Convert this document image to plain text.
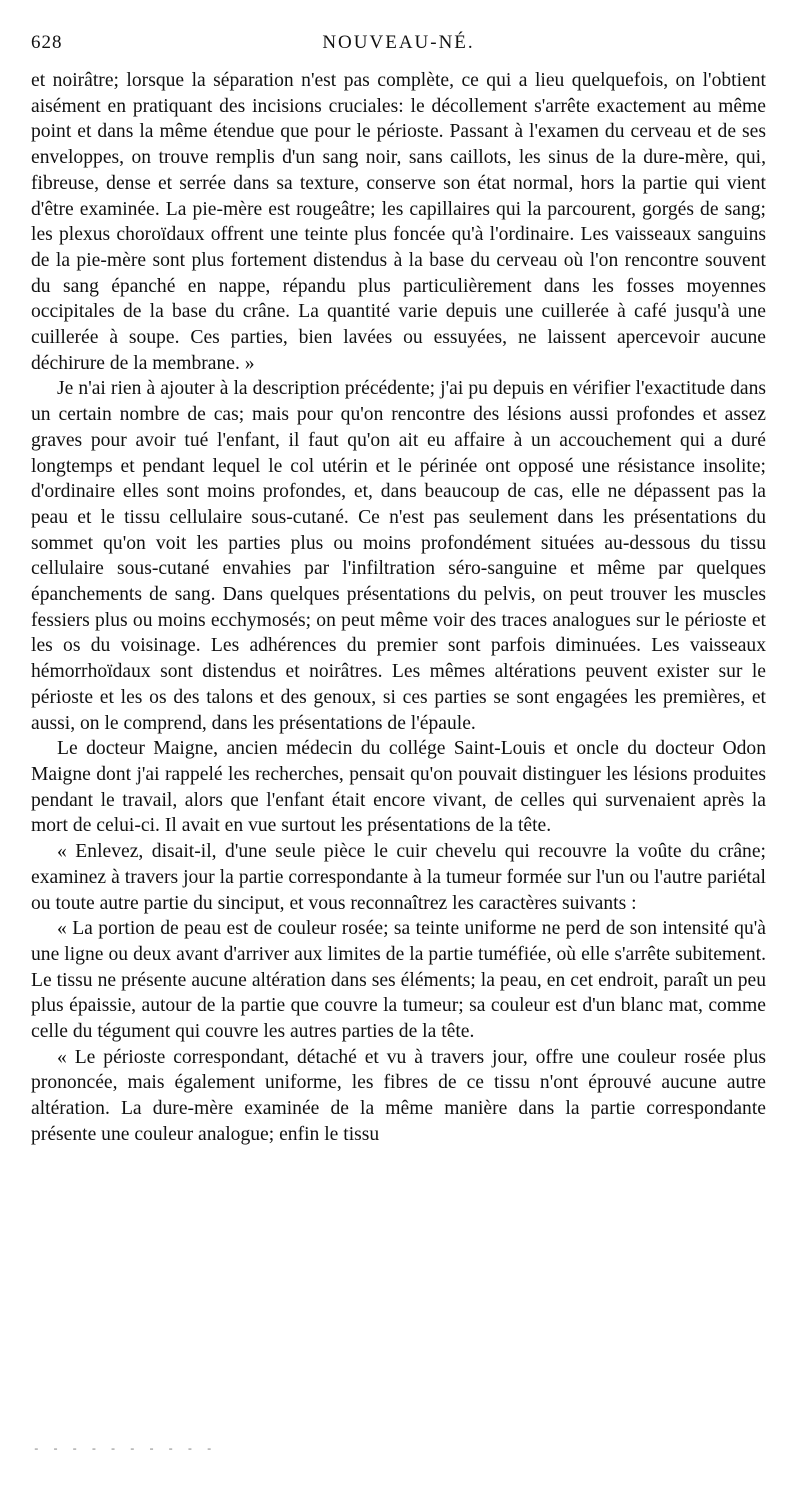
628	NOUVEAU-NÉ.

et noirâtre; lorsque la séparation n'est pas complète, ce qui a lieu quelquefois, on l'obtient aisément en pratiquant des incisions cruciales: le décollement s'arrête exactement au même point et dans la même étendue que pour le périoste. Passant à l'examen du cerveau et de ses enveloppes, on trouve remplis d'un sang noir, sans caillots, les sinus de la dure-mère, qui, fibreuse, dense et serrée dans sa texture, conserve son état normal, hors la partie qui vient d'être examinée. La pie-mère est rougeâtre; les capillaires qui la parcourent, gorgés de sang; les plexus choroïdaux offrent une teinte plus foncée qu'à l'ordinaire. Les vaisseaux sanguins de la pie-mère sont plus fortement distendus à la base du cerveau où l'on rencontre souvent du sang épanché en nappe, répandu plus particulièrement dans les fosses moyennes occipitales de la base du crâne. La quantité varie depuis une cuillerée à café jusqu'à une cuillerée à soupe. Ces parties, bien lavées ou essuyées, ne laissent apercevoir aucune déchirure de la membrane. »

Je n'ai rien à ajouter à la description précédente; j'ai pu depuis en vérifier l'exactitude dans un certain nombre de cas; mais pour qu'on rencontre des lésions aussi profondes et assez graves pour avoir tué l'enfant, il faut qu'on ait eu affaire à un accouchement qui a duré longtemps et pendant lequel le col utérin et le périnée ont opposé une résistance insolite; d'ordinaire elles sont moins profondes, et, dans beaucoup de cas, elle ne dépassent pas la peau et le tissu cellulaire sous-cutané. Ce n'est pas seulement dans les présentations du sommet qu'on voit les parties plus ou moins profondément situées au-dessous du tissu cellulaire sous-cutané envahies par l'infiltration séro-sanguine et même par quelques épanchements de sang. Dans quelques présentations du pelvis, on peut trouver les muscles fessiers plus ou moins ecchymosés; on peut même voir des traces analogues sur le périoste et les os du voisinage. Les adhérences du premier sont parfois diminuées. Les vaisseaux hémorrhoïdaux sont distendus et noirâtres. Les mêmes altérations peuvent exister sur le périoste et les os des talons et des genoux, si ces parties se sont engagées les premières, et aussi, on le comprend, dans les présentations de l'épaule.

Le docteur Maigne, ancien médecin du collége Saint-Louis et oncle du docteur Odon Maigne dont j'ai rappelé les recherches, pensait qu'on pouvait distinguer les lésions produites pendant le travail, alors que l'enfant était encore vivant, de celles qui survenaient après la mort de celui-ci. Il avait en vue surtout les présentations de la tête.

« Enlevez, disait-il, d'une seule pièce le cuir chevelu qui recouvre la voûte du crâne; examinez à travers jour la partie correspondante à la tumeur formée sur l'un ou l'autre pariétal ou toute autre partie du sinciput, et vous reconnaîtrez les caractères suivants :

« La portion de peau est de couleur rosée; sa teinte uniforme ne perd de son intensité qu'à une ligne ou deux avant d'arriver aux limites de la partie tuméfiée, où elle s'arrête subitement. Le tissu ne présente aucune altération dans ses éléments; la peau, en cet endroit, paraît un peu plus épaissie, autour de la partie que couvre la tumeur; sa couleur est d'un blanc mat, comme celle du tégument qui couvre les autres parties de la tête.

« Le périoste correspondant, détaché et vu à travers jour, offre une couleur rosée plus prononcée, mais également uniforme, les fibres de ce tissu n'ont éprouvé aucune autre altération. La dure-mère examinée de la même manière dans la partie correspondante présente une couleur analogue; enfin le tissu

- - - - - - - - - -
